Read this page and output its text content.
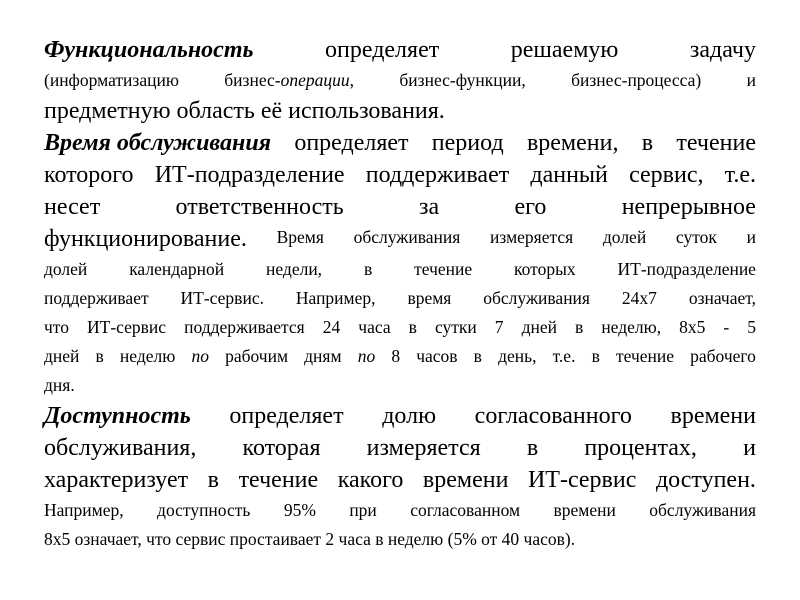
Функциональность	определяет	решаемую	задачу
(информатизацию	бизнес-операции,	бизнес-функции,	бизнес-процесса)	и
предметную область её использования.
Время обслуживания определяет период времени, в течение
которого ИТ-подразделение поддерживает данный сервис, т.е.
несет	ответственность	за	его	непрерывное
функционирование. Время обслуживания измеряется долей суток и
долей календарной недели, в течение которых ИТ-подразделение
поддерживает ИТ-сервис. Например, время обслуживания 24х7 означает,
что ИТ-сервис поддерживается 24 часа в сутки 7 дней в неделю, 8х5 - 5
дней в неделю по рабочим дням по 8 часов в день, т.е. в течение рабочего
дня.
Доступность определяет долю согласованного времени
обслуживания, которая измеряется в процентах, и
характеризует в течение какого времени ИТ-сервис доступен.
Например, доступность 95% при согласованном времени обслуживания
8х5 означает, что сервис простаивает 2 часа в неделю (5% от 40 часов).
